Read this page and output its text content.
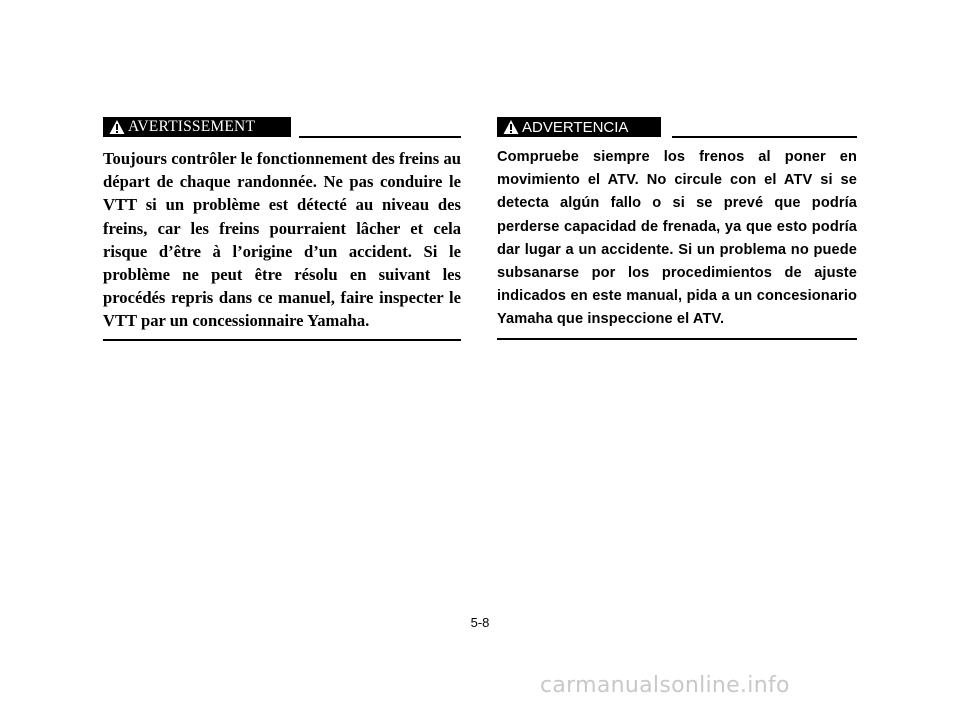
AVERTISSEMENT

Toujours contrôler le fonctionnement des freins au départ de chaque randonnée. Ne pas conduire le VTT si un problème est détecté au niveau des freins, car les freins pourraient lâcher et cela risque d’être à l’origine d’un accident. Si le problème ne peut être résolu en suivant les procédés repris dans ce manuel, faire inspecter le VTT par un concessionnaire Yamaha.

ADVERTENCIA

Compruebe siempre los frenos al poner en movimiento el ATV. No circule con el ATV si se detecta algún fallo o si se prevé que podría perderse capacidad de frenada, ya que esto podría dar lugar a un accidente. Si un problema no puede subsanarse por los procedimientos de ajuste indicados en este manual, pida a un concesionario Yamaha que inspeccione el ATV.

5-8
carmanualsonline.info
